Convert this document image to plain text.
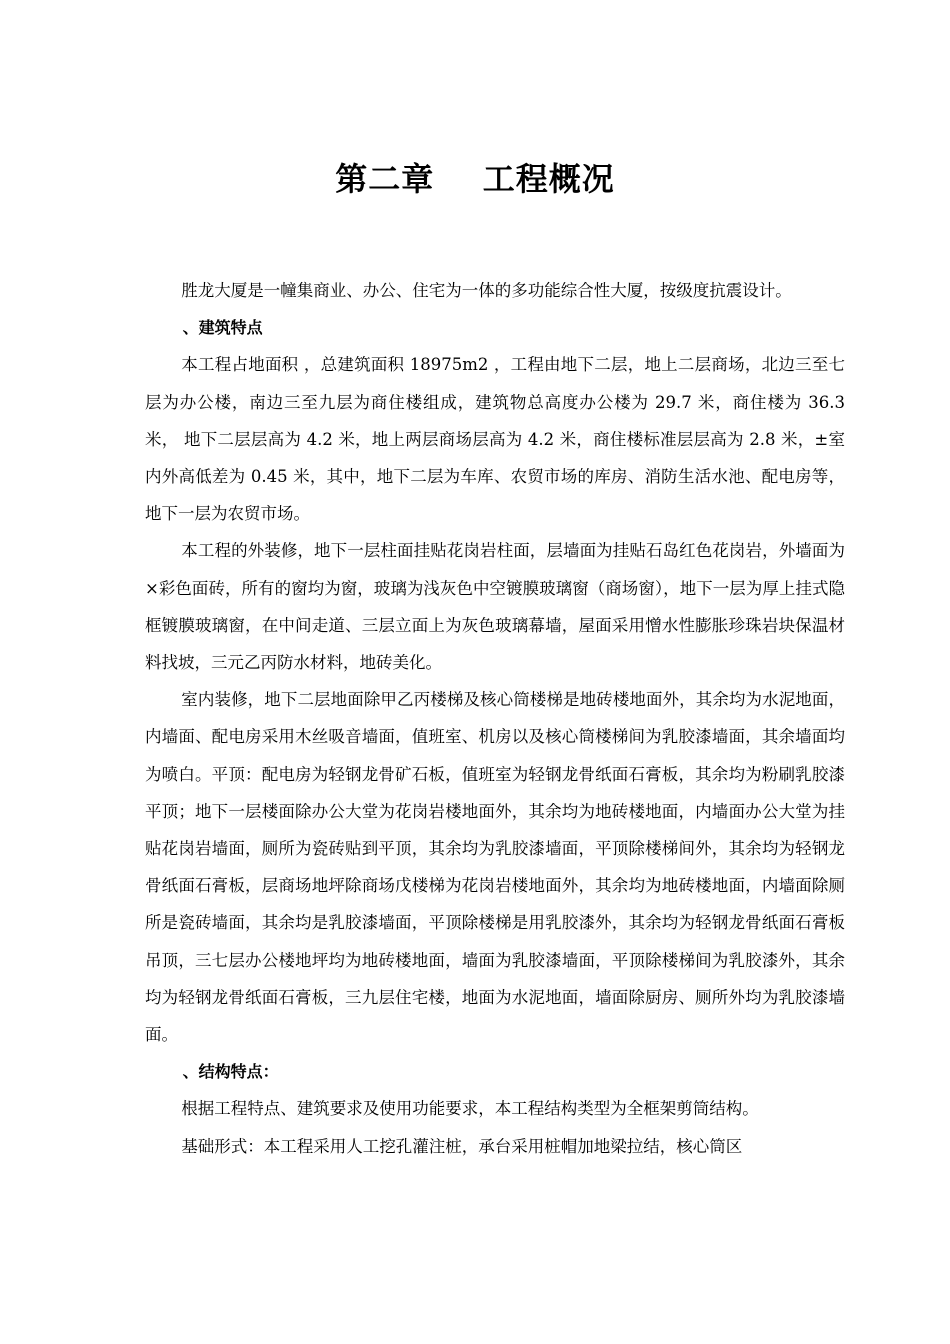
第二章    工程概况

胜龙大厦是一幢集商业、办公、住宅为一体的多功能综合性大厦，按级度抗震设计。

、建筑特点

本工程占地面积 ，总建筑面积 18975m2 ，工程由地下二层，地上二层商场，北边三至七层为办公楼，南边三至九层为商住楼组成，建筑物总高度办公楼为 29.7 米，商住楼为 36.3 米， 地下二层层高为 4.2 米，地上两层商场层高为 4.2 米，商住楼标准层层高为 2.8 米，±室内外高低差为 0.45 米，其中，地下二层为车库、农贸市场的库房、消防生活水池、配电房等，地下一层为农贸市场。

本工程的外装修，地下一层柱面挂贴花岗岩柱面，层墙面为挂贴石岛红色花岗岩，外墙面为×彩色面砖，所有的窗均为窗，玻璃为浅灰色中空镀膜玻璃窗（商场窗），地下一层为厚上挂式隐框镀膜玻璃窗，在中间走道、三层立面上为灰色玻璃幕墙，屋面采用憎水性膨胀珍珠岩块保温材料找坡，三元乙丙防水材料，地砖美化。

室内装修，地下二层地面除甲乙丙楼梯及核心筒楼梯是地砖楼地面外，其余均为水泥地面，内墙面、配电房采用木丝吸音墙面，值班室、机房以及核心筒楼梯间为乳胶漆墙面，其余墙面均为喷白。平顶：配电房为轻钢龙骨矿石板，值班室为轻钢龙骨纸面石膏板，其余均为粉刷乳胶漆平顶；地下一层楼面除办公大堂为花岗岩楼地面外，其余均为地砖楼地面，内墙面办公大堂为挂贴花岗岩墙面，厕所为瓷砖贴到平顶，其余均为乳胶漆墙面，平顶除楼梯间外，其余均为轻钢龙骨纸面石膏板，层商场地坪除商场戊楼梯为花岗岩楼地面外，其余均为地砖楼地面，内墙面除厕所是瓷砖墙面，其余均是乳胶漆墙面，平顶除楼梯是用乳胶漆外，其余均为轻钢龙骨纸面石膏板吊顶，三七层办公楼地坪均为地砖楼地面，墙面为乳胶漆墙面，平顶除楼梯间为乳胶漆外，其余均为轻钢龙骨纸面石膏板，三九层住宅楼，地面为水泥地面，墙面除厨房、厕所外均为乳胶漆墙面。

、结构特点：

根据工程特点、建筑要求及使用功能要求，本工程结构类型为全框架剪筒结构。

基础形式：本工程采用人工挖孔灌注桩，承台采用桩帽加地梁拉结，核心筒区
